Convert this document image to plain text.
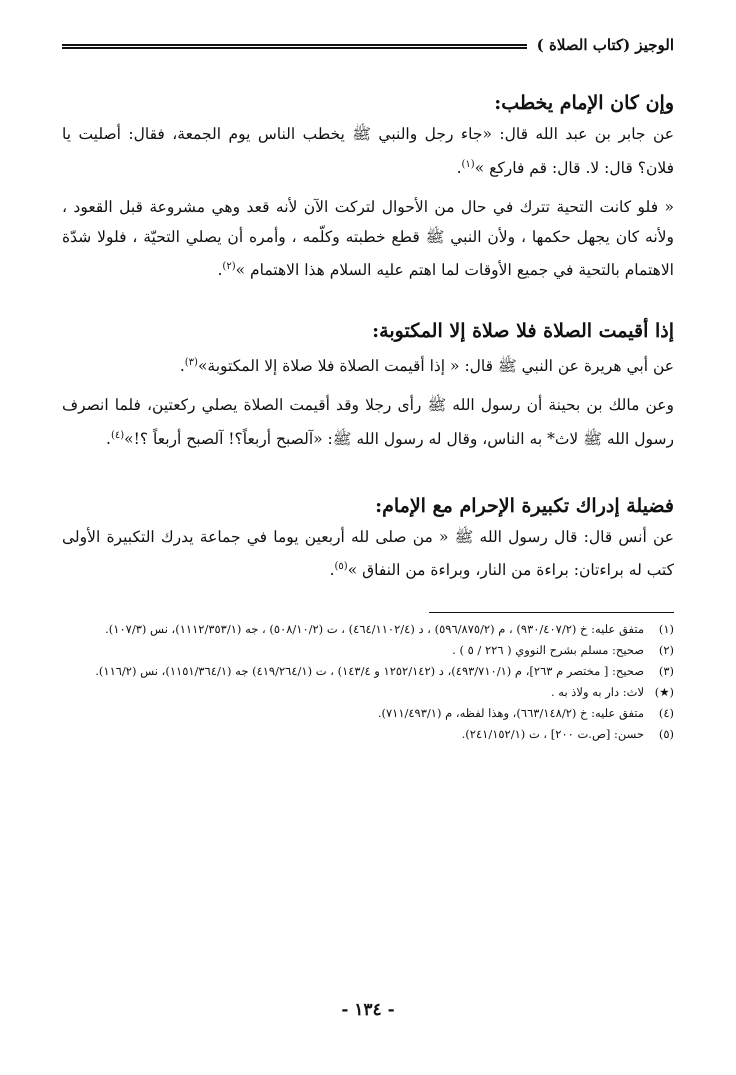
الوجيز (كتاب الصلاة )
وإن كان الإمام يخطب:

عن جابر بن عبد الله قال: «جاء رجل والنبي ﷺ يخطب الناس يوم الجمعة، فقال: أصليت يا فلان؟ قال: لا. قال: قم فاركع »$^{(١)}$.

« فلو كانت التحية تترك في حال من الأحوال لتركت الآن لأنه قعد وهي مشروعة قبل القعود ، ولأنه كان يجهل حكمها ، ولأن النبي ﷺ قطع خطبته وكلّمه ، وأمره أن يصلي التحيّة ، فلولا شدّة الاهتمام بالتحية في جميع الأوقات لما اهتم عليه السلام هذا الاهتمام »$^{(٢)}$.

إذا أقيمت الصلاة فلا صلاة إلا المكتوبة:

عن أبي هريرة عن النبي ﷺ قال: « إذا أقيمت الصلاة فلا صلاة إلا المكتوبة»$^{(٣)}$.

وعن مالك بن بحينة أن رسول الله ﷺ رأى رجلا وقد أقيمت الصلاة يصلي ركعتين، فلما انصرف رسول الله ﷺ لاث* به الناس، وقال له رسول الله ﷺ: «آلصبح أربعاً؟! آلصبح أربعاً ؟!»$^{(٤)}$.

فضيلة إدراك تكبيرة الإحرام مع الإمام:

عن أنس قال: قال رسول الله ﷺ « من صلى لله أربعين يوما في جماعة يدرك التكبيرة الأولى كتب له براءتان: براءة من النار، وبراءة من النفاق »$^{(٥)}$.

(١)
متفق عليه: خ (٩٣٠/٤٠٧/٢) ، م (٥٩٦/٨٧٥/٢) ، د (٤٦٤/١١٠٢/٤) ، ت (٥٠٨/١٠/٢) ، جه (١١١٢/٣٥٣/١)، نس (١٠٧/٣).
(٢)
صحيح: مسلم بشرح النووي ( ٢٢٦ / ٥ ) .
(٣)
صحيح: [ مختصر م ٢٦٣]، م (٤٩٣/٧١٠/١)، د (١٢٥٢/١٤٢ و ١٤٣/٤) ، ت (٤١٩/٢٦٤/١) جه (١١٥١/٣٦٤/١)، نس (١١٦/٢).
(★)
لاث: دار به ولاذ به .
(٤)
متفق عليه: خ (٦٦٣/١٤٨/٢)، وهذا لفظه، م (٧١١/٤٩٣/١).
(٥)
حسن: [ص.ت ٢٠٠] ، ت (٢٤١/١٥٢/١).
- ١٣٤ -
